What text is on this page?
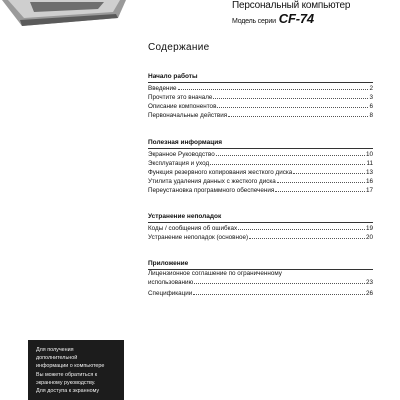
Персональный компьютер
Модель серии CF-74
Содержание
Начало работы
Введение	2
Прочтите это вначале	3
Описание компонентов	6
Первоначальные действия	8
Полезная информация
Экранное Руководство	10
Эксплуатация и уход	11
Функция резервного копирования жесткого диска	13
Утилита удаления данных с жесткого диска	16
Переустановка программного обеспечения	17
Устранение неполадок
Коды / сообщения об ошибках	19
Устранение неполадок (основное)	20
Приложение
Лицензионное соглашение по ограниченному
использованию	23
Спецификации	26
Для получения
дополнительной
информации о компьютере
Вы можете обратиться к
экранному руководству.
Для доступа к экранному
